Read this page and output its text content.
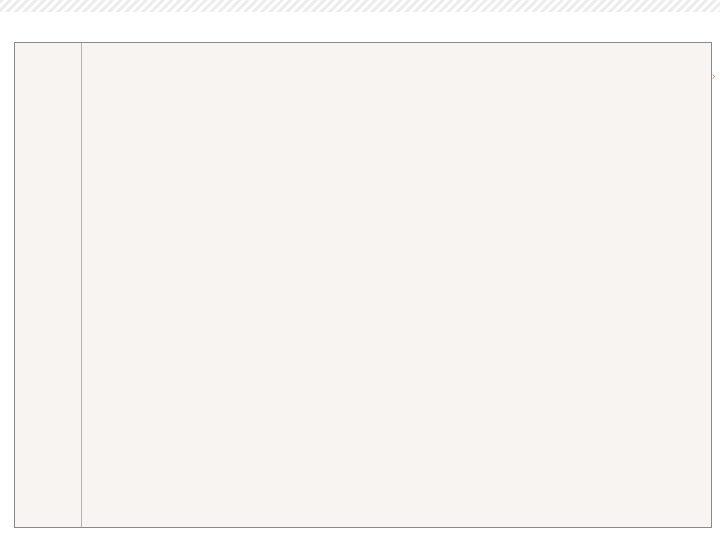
›
